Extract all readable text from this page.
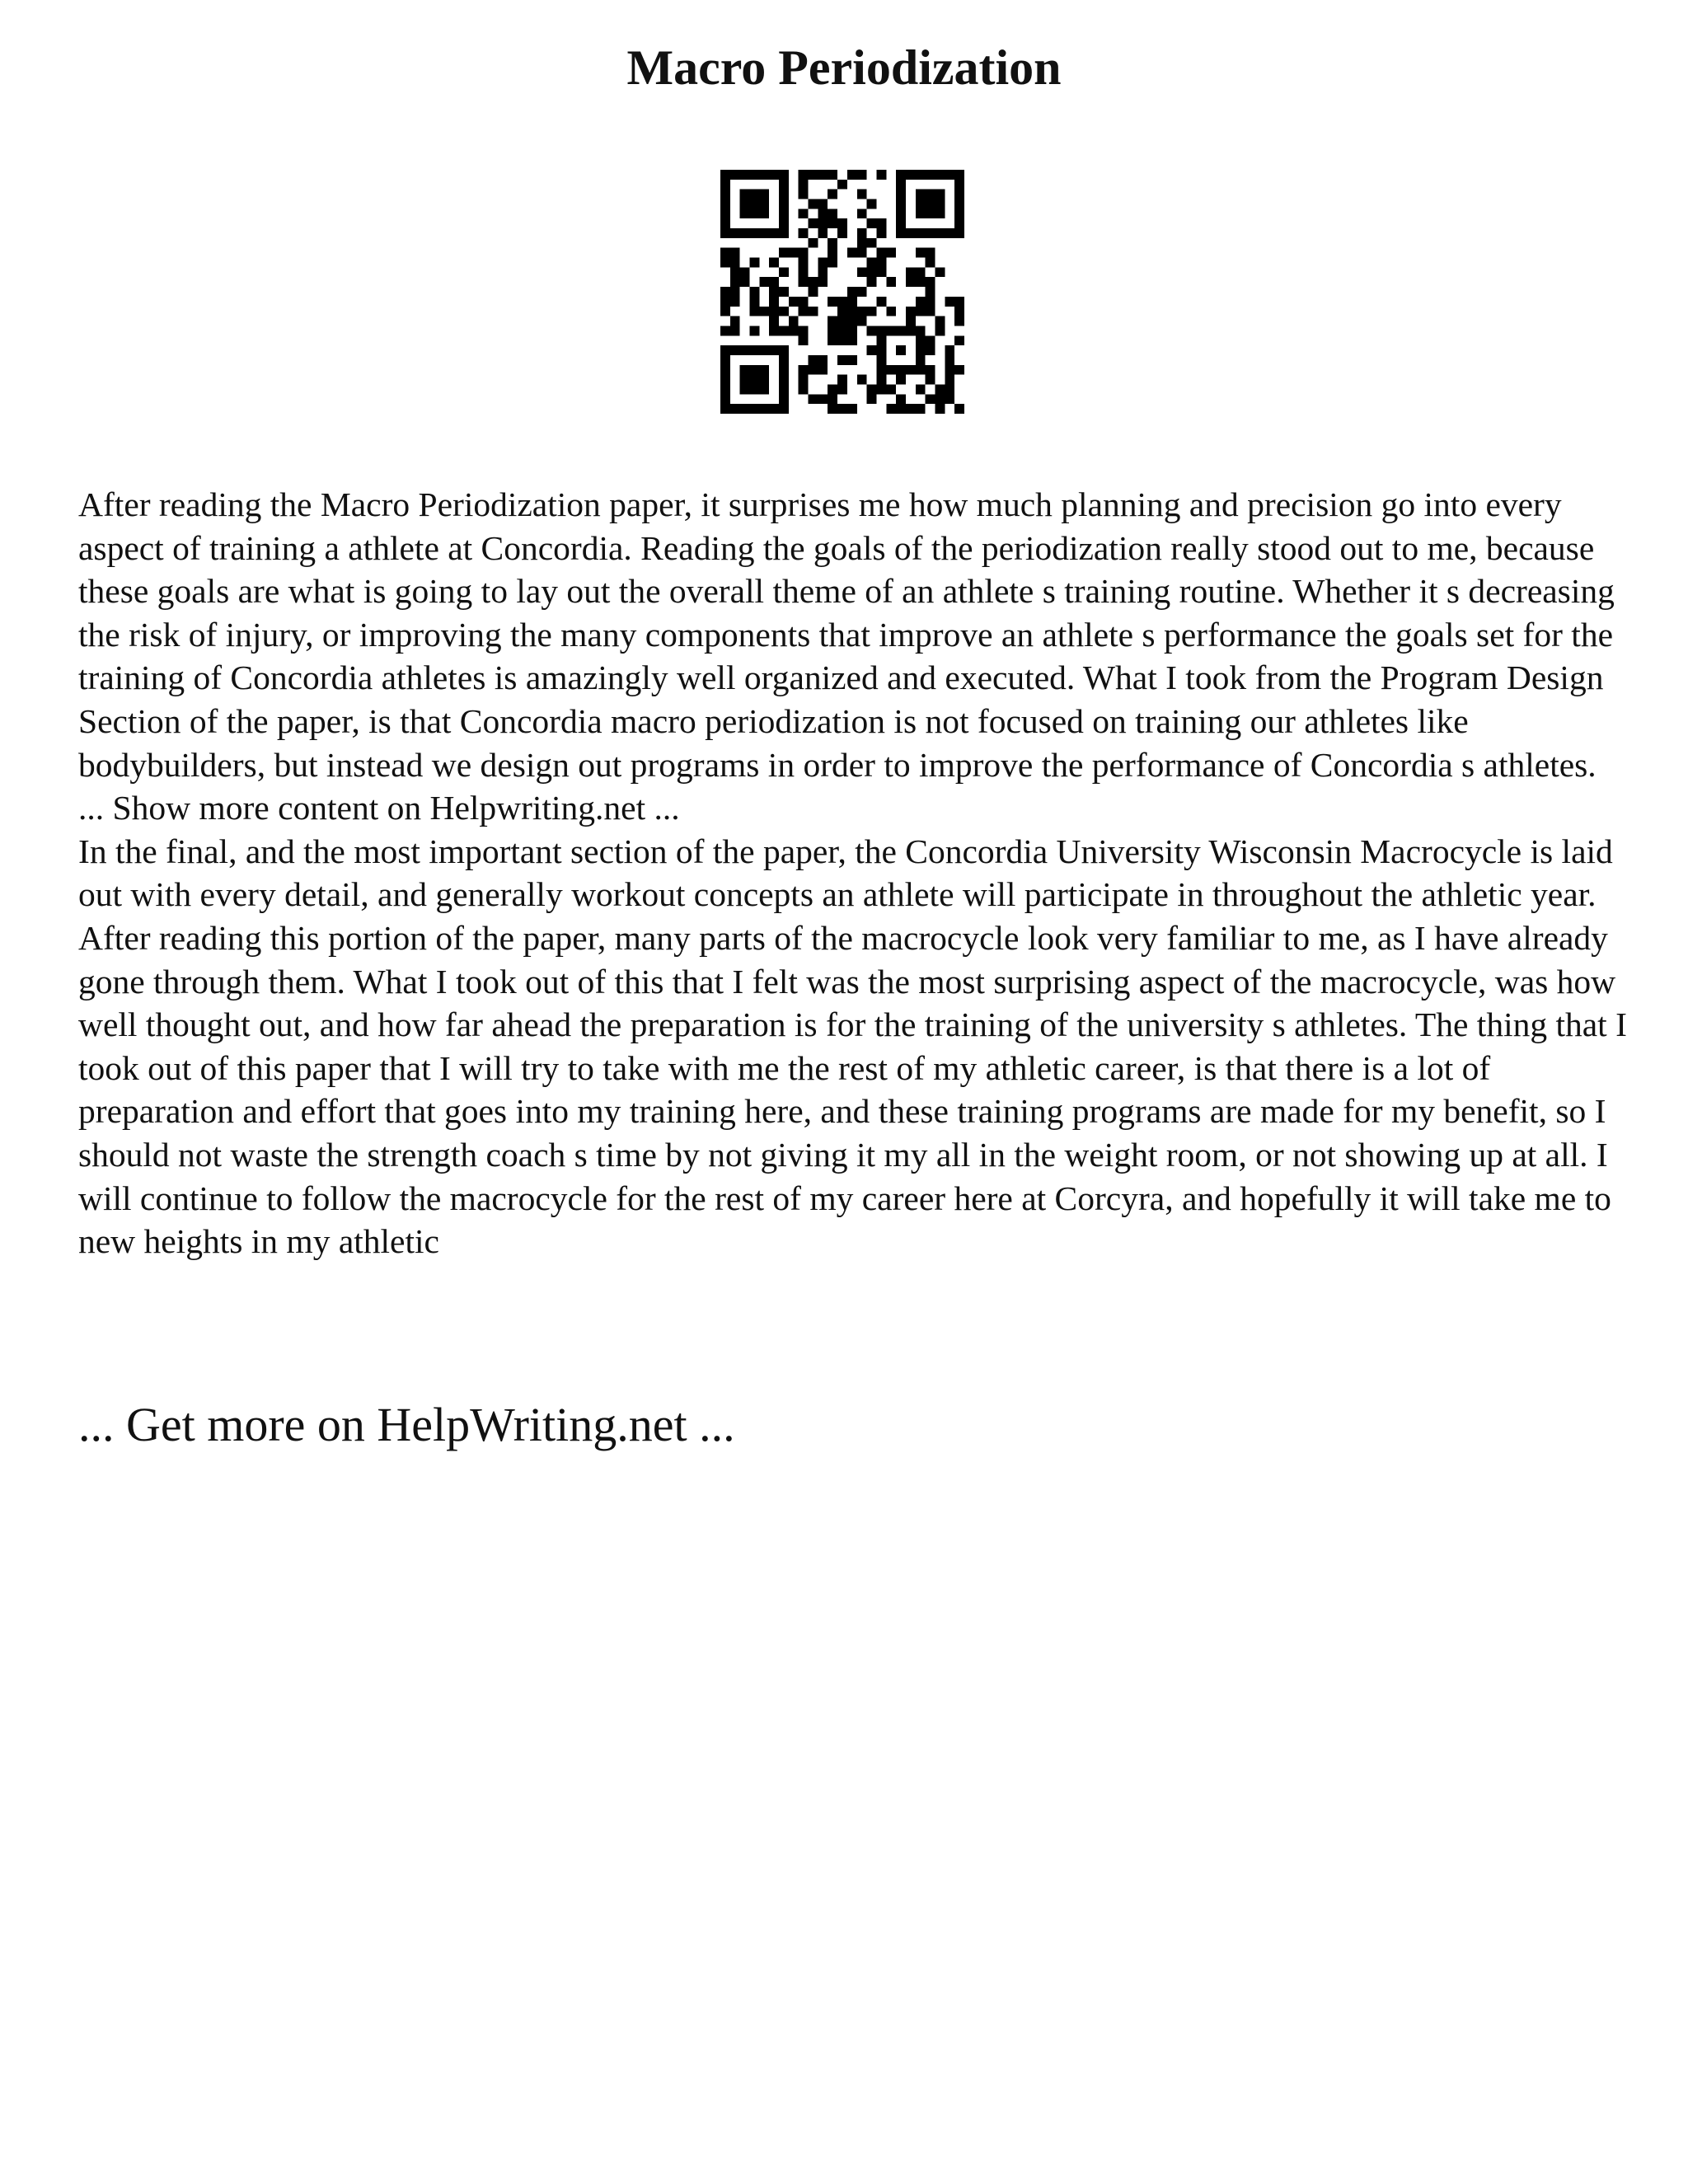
Macro Periodization

After reading the Macro Periodization paper, it surprises me how much planning and precision go into every aspect of training a athlete at Concordia. Reading the goals of the periodization really stood out to me, because these goals are what is going to lay out the overall theme of an athlete s training routine. Whether it s decreasing the risk of injury, or improving the many components that improve an athlete s performance the goals set for the training of Concordia athletes is amazingly well organized and executed. What I took from the Program Design Section of the paper, is that Concordia macro periodization is not focused on training our athletes like bodybuilders, but instead we design out programs in order to improve the performance of Concordia s athletes. ... Show more content on Helpwriting.net ...

In the final, and the most important section of the paper, the Concordia University Wisconsin Macrocycle is laid out with every detail, and generally workout concepts an athlete will participate in throughout the athletic year. After reading this portion of the paper, many parts of the macrocycle look very familiar to me, as I have already gone through them. What I took out of this that I felt was the most surprising aspect of the macrocycle, was how well thought out, and how far ahead the preparation is for the training of the university s athletes. The thing that I took out of this paper that I will try to take with me the rest of my athletic career, is that there is a lot of preparation and effort that goes into my training here, and these training programs are made for my benefit, so I should not waste the strength coach s time by not giving it my all in the weight room, or not showing up at all. I will continue to follow the macrocycle for the rest of my career here at Corcyra, and hopefully it will take me to new heights in my athletic

... Get more on HelpWriting.net ...
